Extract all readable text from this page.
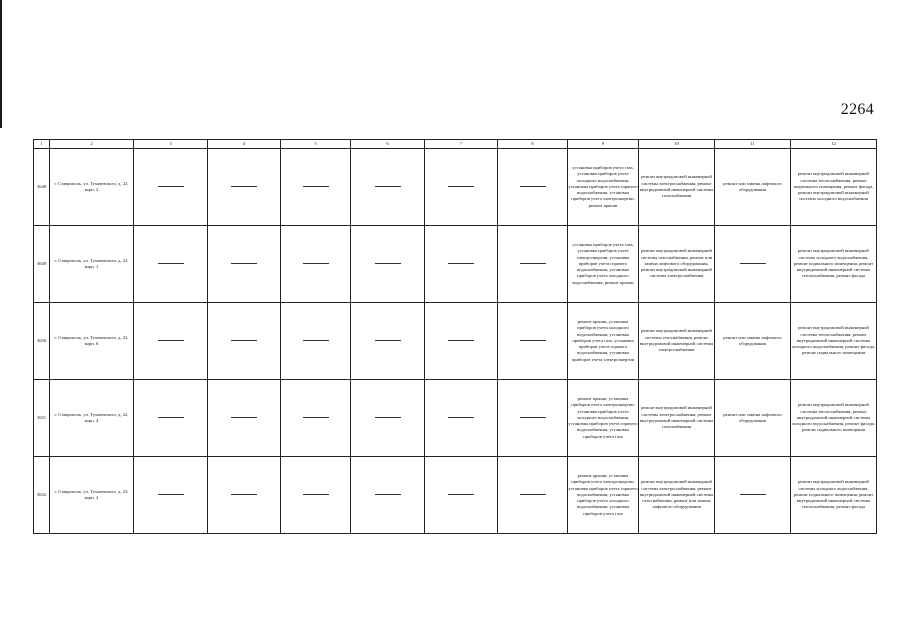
2264
1	2	3	4	5	6	7	8	9	10	11	12
3648	г. Ставрополь, ул. Тухачевского, д. 22, корп. 2							установка приборов учета газа, установка приборов учета холодного водоснабжения, установка приборов учета горячего водоснабжения, установка приборов учета электроэнергии, ремонт крыши	ремонт внутридомовой инженерной системы электроснабжения, ремонт внутридомовой инженерной системы газоснабжения	ремонт или замена лифтового оборудования	ремонт внутридомовой инженерной системы теплоснабжения, ремонт подвального помещения, ремонт фасада, ремонт внутридомовой инженерной системы холодного водоснабжения
3649	г. Ставрополь, ул. Тухачевского, д. 22, корп. 1							установка приборов учета газа, установка приборов учета электроэнергии, установка приборов учета горячего водоснабжения, установка приборов учета холодного водоснабжения, ремонт крыши	ремонт внутридомовой инженерной системы газоснабжения, ремонт или замена лифтового оборудования, ремонт внутридомовой инженерной системы электроснабжения		ремонт внутридомовой инженерной системы холодного водоснабжения, ремонт подвального помещения, ремонт внутридомовой инженерной системы теплоснабжения, ремонт фасада
3650	г. Ставрополь, ул. Тухачевского, д. 22, корп. 6							ремонт крыши, установка приборов учета холодного водоснабжения, установка приборов учета газа, установка приборов учета горячего водоснабжения, установка приборов учета электроэнергии	ремонт внутридомовой инженерной системы газоснабжения, ремонт внутридомовой инженерной системы электроснабжения	ремонт или замена лифтового оборудования	ремонт внутридомовой инженерной системы теплоснабжения, ремонт внутридомовой инженерной системы холодного водоснабжения, ремонт фасада, ремонт подвального помещения
3651	г. Ставрополь, ул. Тухачевского, д. 22, корп. 4							ремонт крыши, установка приборов учета электроэнергии, установка приборов учета холодного водоснабжения, установка приборов учета горячего водоснабжения, установка приборов учета газа	ремонт внутридомовой инженерной системы электроснабжения, ремонт внутридомовой инженерной системы газоснабжения	ремонт или замена лифтового оборудования	ремонт внутридомовой инженерной системы теплоснабжения, ремонт внутридомовой инженерной системы холодного водоснабжения, ремонт фасада, ремонт подвального помещения
3652	г. Ставрополь, ул. Тухачевского, д. 23, корп. 2							ремонт крыши, установка приборов учета электроэнергии, установка приборов учета горячего водоснабжения, установка приборов учета холодного водоснабжения, установка приборов учета газа	ремонт внутридомовой инженерной системы электроснабжения, ремонт внутридомовой инженерной системы газоснабжения, ремонт или замена лифтового оборудования		ремонт внутридомовой инженерной системы холодного водоснабжения, ремонт подвального помещения, ремонт внутридомовой инженерной системы теплоснабжения, ремонт фасада
